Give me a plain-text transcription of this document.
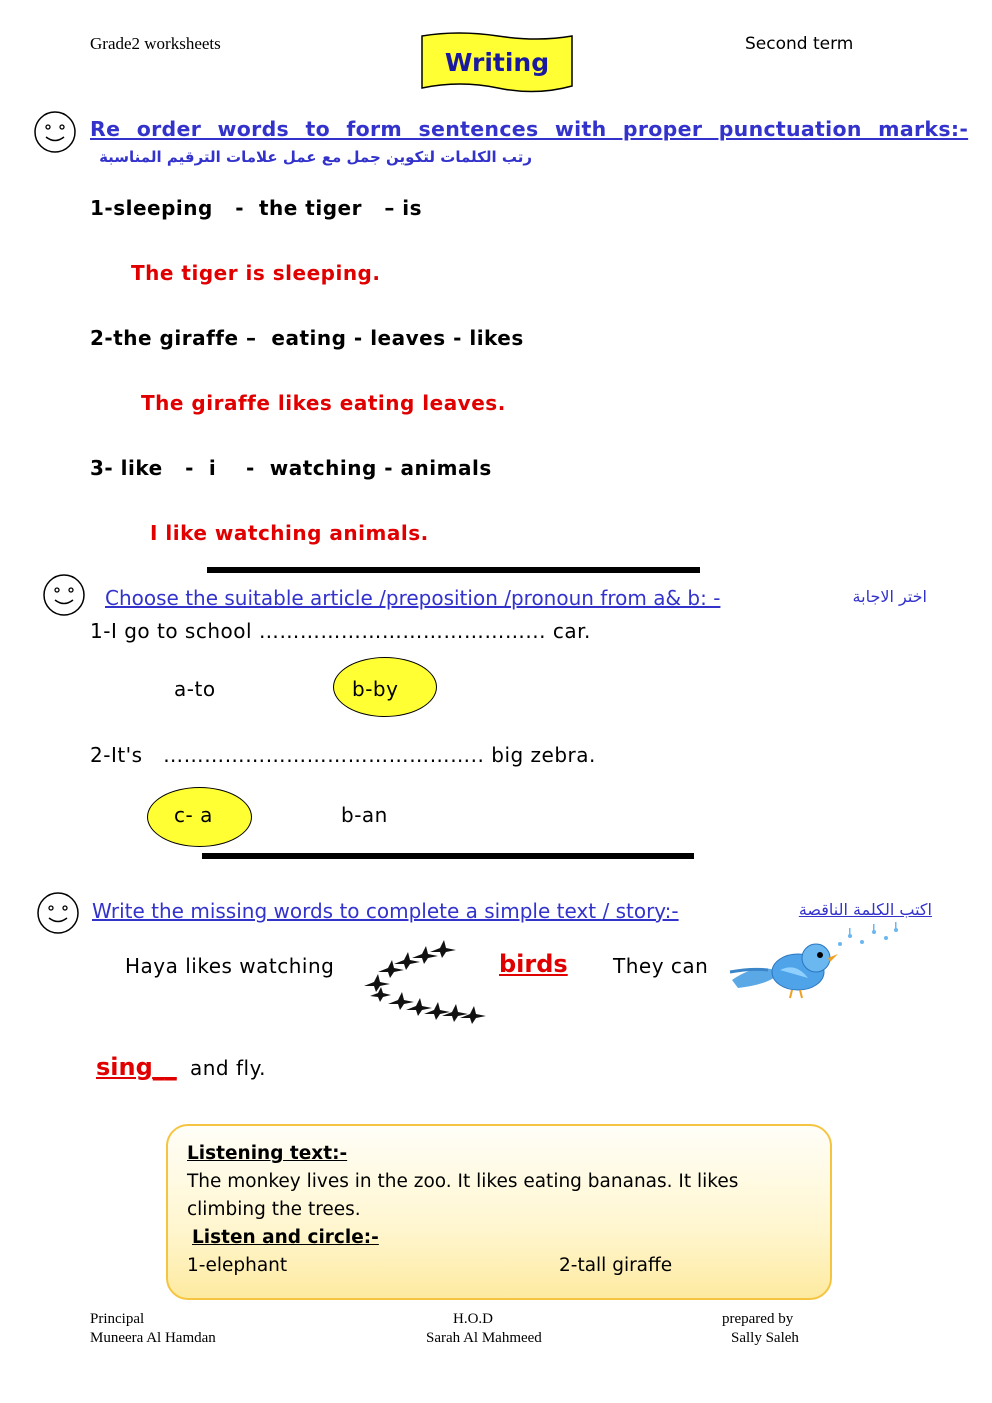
Grade2 worksheets
Writing
Second term
Re order words to form sentences with proper punctuation marks:-
رتب الكلمات لتكوين جمل مع عمل علامات الترقيم المناسبة
1-sleeping   -  the tiger   – is
The tiger is sleeping.
2-the giraffe –  eating - leaves - likes
The giraffe likes eating leaves.
3- like   -  i    -  watching - animals
I like watching animals.
Choose the suitable article /preposition /pronoun from a& b: -	اختر الاجابة
1-I go to school …………………………………... car.
a-to	b-by
2-It's   ……………………………………….. big zebra.
c- a	b-an
Write the missing words to complete a simple text / story:-	اكتب الكلمة الناقصة
Haya likes watching	birds They can
sing__ and fly.
Listening text:-
The monkey lives in the zoo. It likes eating bananas. It likes
climbing the trees.
Listen and circle:-
1-elephant	2-tall giraffe
Principal
Muneera Al Hamdan
H.O.D
Sarah Al Mahmeed
prepared by
Sally Saleh
